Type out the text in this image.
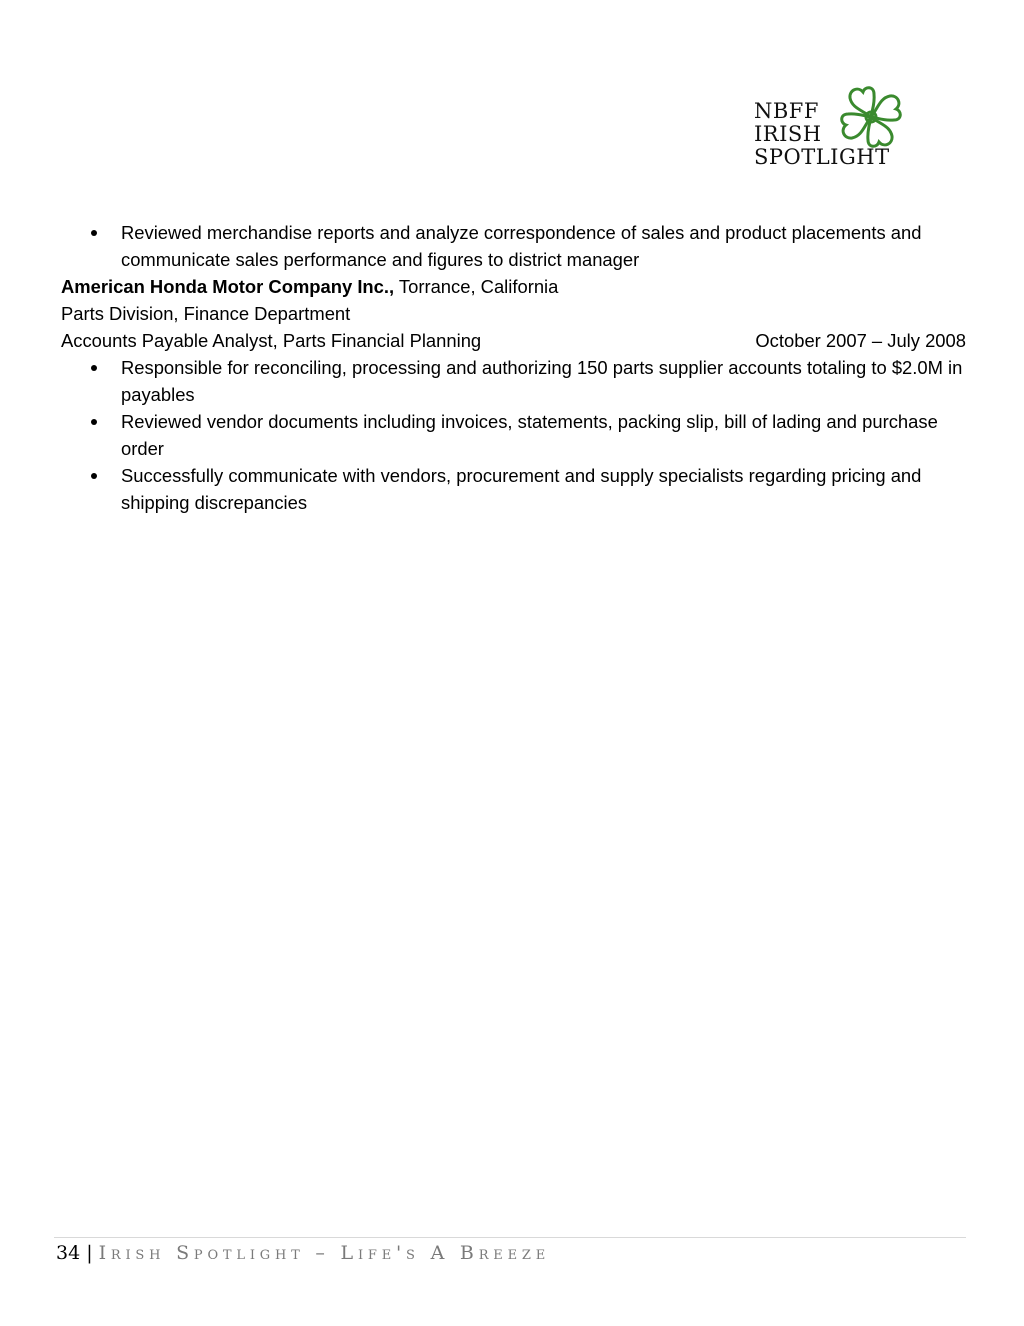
NBFF
IRISH
SPOTLIGHT
Reviewed merchandise reports and analyze correspondence of sales and product placements and communicate sales performance and figures to district manager
American Honda Motor Company Inc., Torrance, California
Parts Division, Finance Department
Accounts Payable Analyst, Parts Financial Planning	October 2007 – July 2008
Responsible for reconciling, processing and authorizing 150 parts supplier accounts totaling to $2.0M in payables
Reviewed vendor documents including invoices, statements, packing slip, bill of lading and purchase order
Successfully communicate with vendors, procurement and supply specialists regarding pricing and shipping discrepancies
34 | Irish Spotlight – Life's A Breeze
